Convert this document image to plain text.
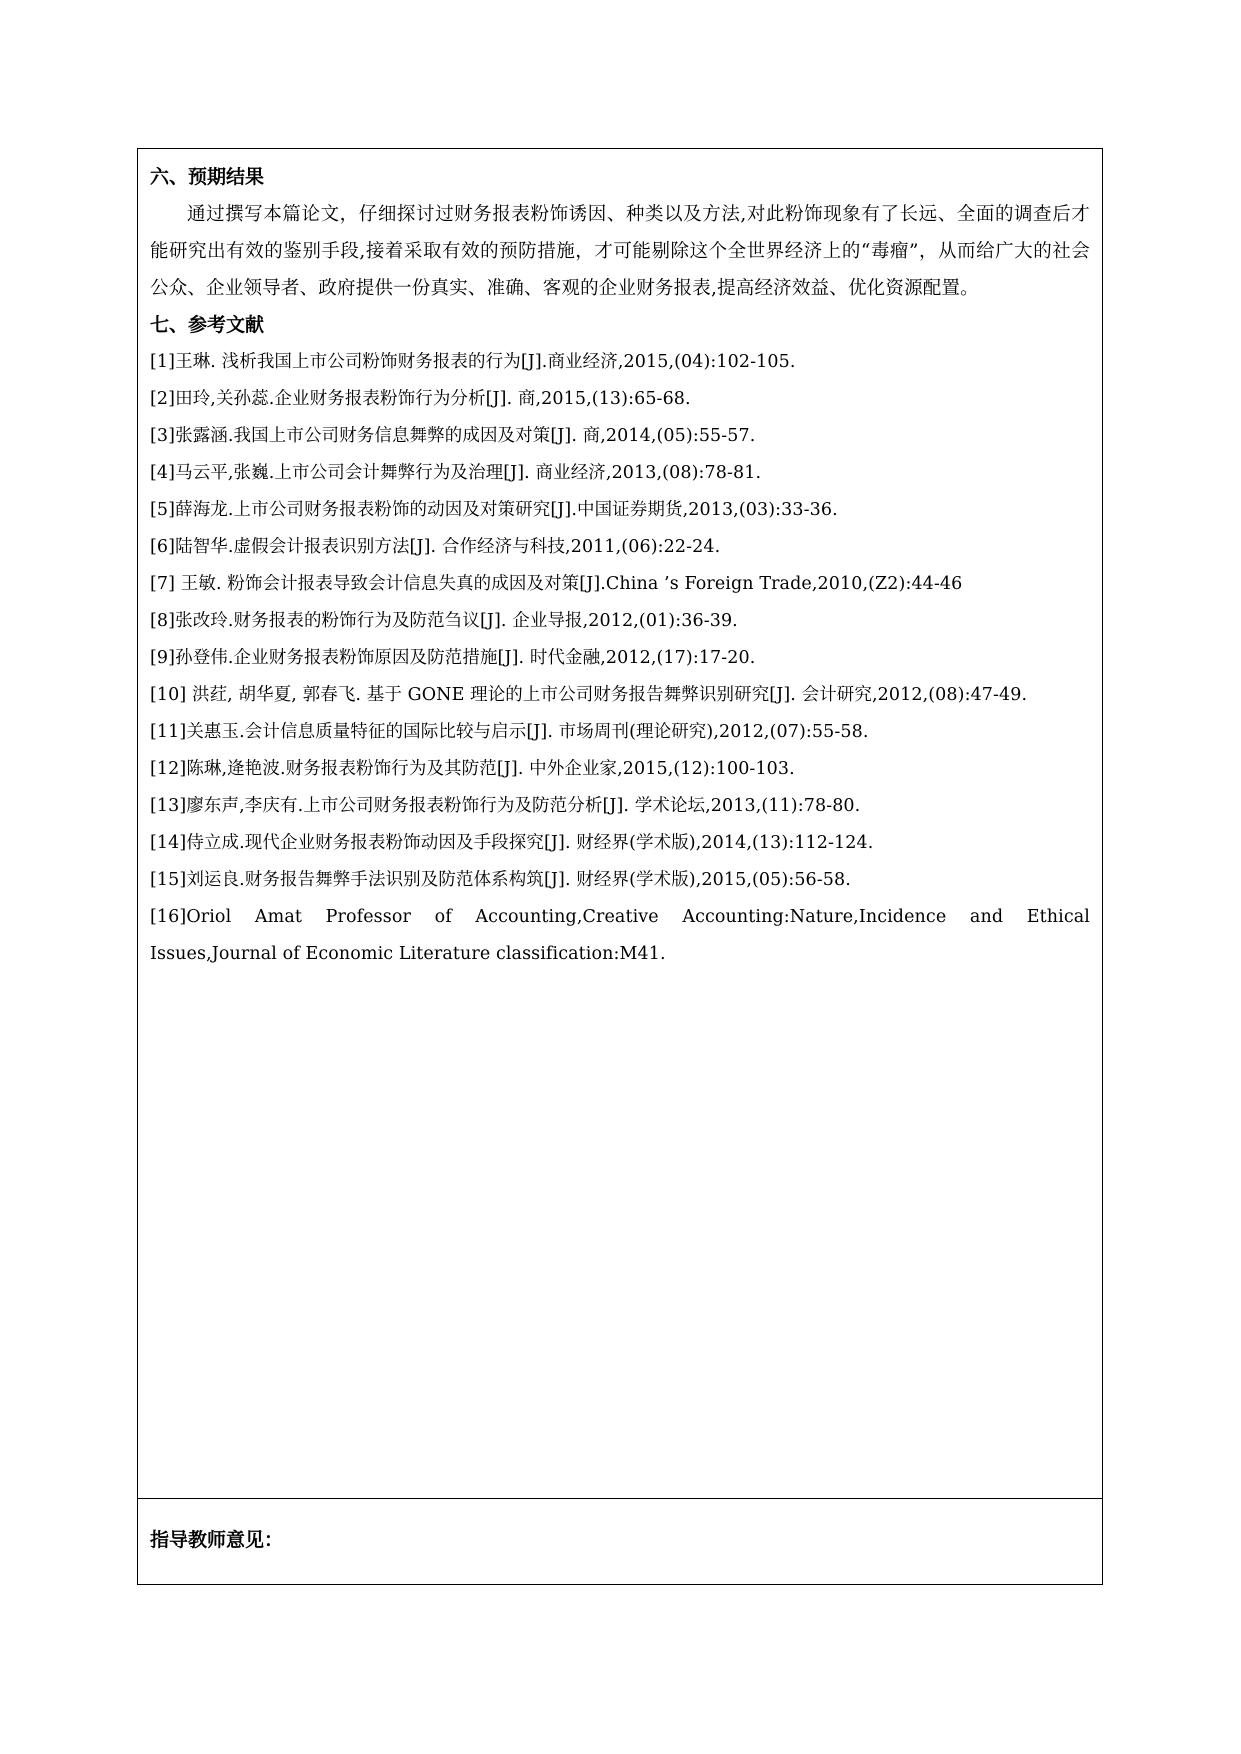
六、预期结果

通过撰写本篇论文，仔细探讨过财务报表粉饰诱因、种类以及方法,对此粉饰现象有了长远、全面的调查后才能研究出有效的鉴别手段,接着采取有效的预防措施，才可能剔除这个全世界经济上的“毒瘤”，从而给广大的社会公众、企业领导者、政府提供一份真实、准确、客观的企业财务报表,提高经济效益、优化资源配置。

七、参考文献

[1]王琳. 浅析我国上市公司粉饰财务报表的行为[J].商业经济,2015,(04):102-105.

[2]田玲,关孙蕊.企业财务报表粉饰行为分析[J]. 商,2015,(13):65-68.

[3]张露涵.我国上市公司财务信息舞弊的成因及对策[J]. 商,2014,(05):55-57.

[4]马云平,张巍.上市公司会计舞弊行为及治理[J]. 商业经济,2013,(08):78-81.

[5]薛海龙.上市公司财务报表粉饰的动因及对策研究[J].中国证券期货,2013,(03):33-36.

[6]陆智华.虚假会计报表识别方法[J]. 合作经济与科技,2011,(06):22-24.

[7] 王敏. 粉饰会计报表导致会计信息失真的成因及对策[J].China ’s Foreign Trade,2010,(Z2):44-46

[8]张改玲.财务报表的粉饰行为及防范刍议[J]. 企业导报,2012,(01):36-39.

[9]孙登伟.企业财务报表粉饰原因及防范措施[J]. 时代金融,2012,(17):17-20.

[10] 洪荭, 胡华夏, 郭春飞. 基于 GONE 理论的上市公司财务报告舞弊识别研究[J]. 会计研究,2012,(08):47-49.

[11]关惠玉.会计信息质量特征的国际比较与启示[J]. 市场周刊(理论研究),2012,(07):55-58.

[12]陈琳,逄艳波.财务报表粉饰行为及其防范[J]. 中外企业家,2015,(12):100-103.

[13]廖东声,李庆有.上市公司财务报表粉饰行为及防范分析[J]. 学术论坛,2013,(11):78-80.

[14]侍立成.现代企业财务报表粉饰动因及手段探究[J]. 财经界(学术版),2014,(13):112-124.

[15]刘运良.财务报告舞弊手法识别及防范体系构筑[J]. 财经界(学术版),2015,(05):56-58.

[16]Oriol Amat Professor of Accounting,Creative Accounting:Nature,Incidence and Ethical Issues,Journal of Economic Literature classification:M41.

指导教师意见：
